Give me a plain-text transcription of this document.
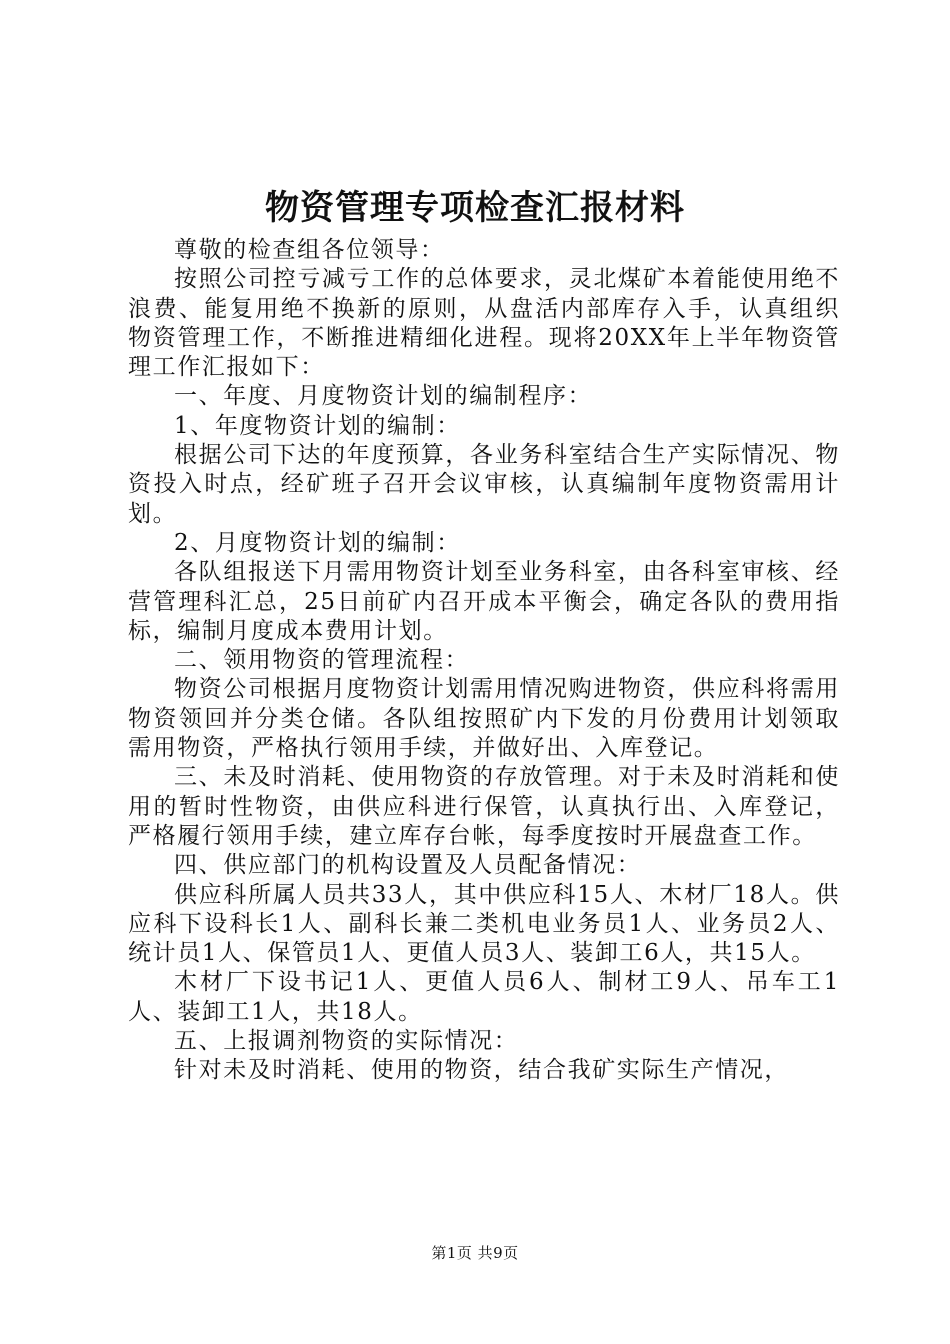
物资管理专项检查汇报材料

尊敬的检查组各位领导：

按照公司控亏减亏工作的总体要求，灵北煤矿本着能使用绝不浪费、能复用绝不换新的原则，从盘活内部库存入手，认真组织物资管理工作，不断推进精细化进程。现将20XX年上半年物资管理工作汇报如下：

一、年度、月度物资计划的编制程序：

1、年度物资计划的编制：

根据公司下达的年度预算，各业务科室结合生产实际情况、物资投入时点，经矿班子召开会议审核，认真编制年度物资需用计划。

2、月度物资计划的编制：

各队组报送下月需用物资计划至业务科室，由各科室审核、经营管理科汇总，25日前矿内召开成本平衡会，确定各队的费用指标，编制月度成本费用计划。

二、领用物资的管理流程：

物资公司根据月度物资计划需用情况购进物资，供应科将需用物资领回并分类仓储。各队组按照矿内下发的月份费用计划领取需用物资，严格执行领用手续，并做好出、入库登记。

三、未及时消耗、使用物资的存放管理。对于未及时消耗和使用的暂时性物资，由供应科进行保管，认真执行出、入库登记，严格履行领用手续，建立库存台帐，每季度按时开展盘查工作。

四、供应部门的机构设置及人员配备情况：

供应科所属人员共33人，其中供应科15人、木材厂18人。供应科下设科长1人、副科长兼二类机电业务员1人、业务员2人、统计员1人、保管员1人、更值人员3人、装卸工6人，共15人。

木材厂下设书记1人、更值人员6人、制材工9人、吊车工1人、装卸工1人，共18人。

五、上报调剂物资的实际情况：

针对未及时消耗、使用的物资，结合我矿实际生产情况，

第1页 共9页
